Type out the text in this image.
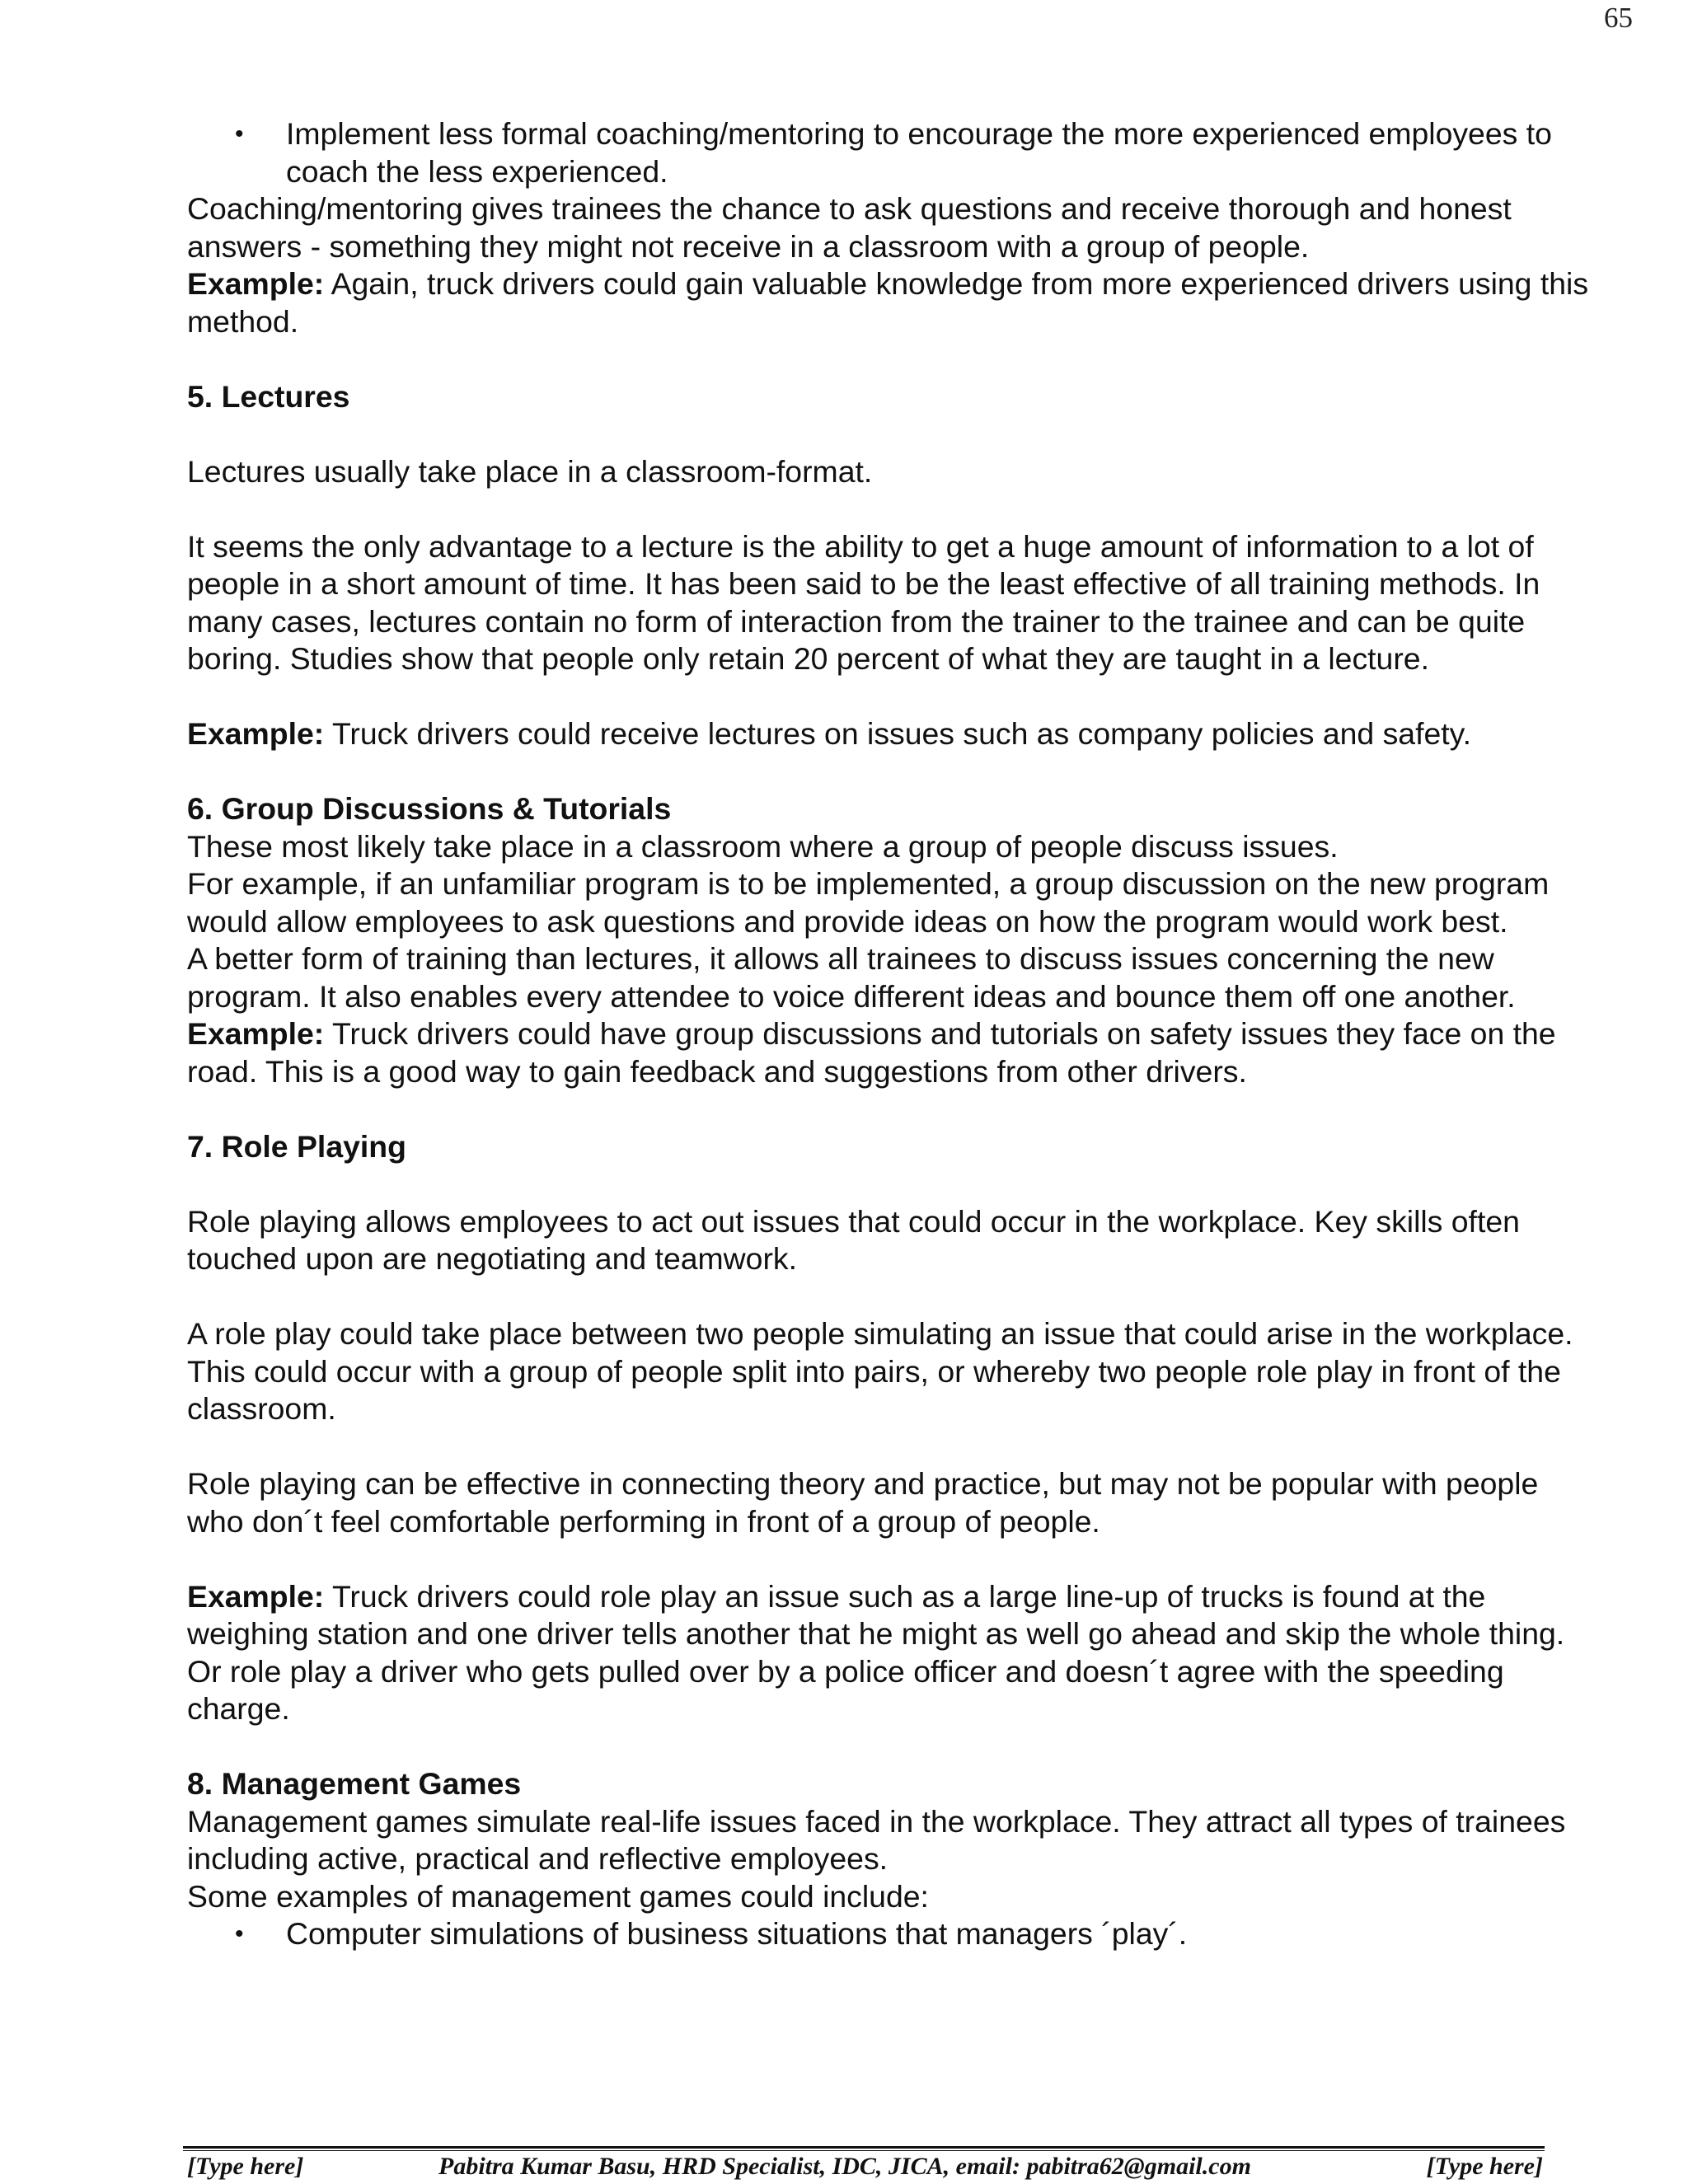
65
• Implement less formal coaching/mentoring to encourage the more experienced employees to coach the less experienced.

Coaching/mentoring gives trainees the chance to ask questions and receive thorough and honest answers - something they might not receive in a classroom with a group of people.

Example: Again, truck drivers could gain valuable knowledge from more experienced drivers using this method.

5. Lectures

Lectures usually take place in a classroom-format.

It seems the only advantage to a lecture is the ability to get a huge amount of information to a lot of people in a short amount of time. It has been said to be the least effective of all training methods. In many cases, lectures contain no form of interaction from the trainer to the trainee and can be quite boring. Studies show that people only retain 20 percent of what they are taught in a lecture.

Example: Truck drivers could receive lectures on issues such as company policies and safety.

6. Group Discussions & Tutorials

These most likely take place in a classroom where a group of people discuss issues.

For example, if an unfamiliar program is to be implemented, a group discussion on the new program would allow employees to ask questions and provide ideas on how the program would work best.

A better form of training than lectures, it allows all trainees to discuss issues concerning the new program. It also enables every attendee to voice different ideas and bounce them off one another.

Example: Truck drivers could have group discussions and tutorials on safety issues they face on the road. This is a good way to gain feedback and suggestions from other drivers.

7. Role Playing

Role playing allows employees to act out issues that could occur in the workplace. Key skills often touched upon are negotiating and teamwork.

A role play could take place between two people simulating an issue that could arise in the workplace. This could occur with a group of people split into pairs, or whereby two people role play in front of the classroom.

Role playing can be effective in connecting theory and practice, but may not be popular with people who don´t feel comfortable performing in front of a group of people.

Example: Truck drivers could role play an issue such as a large line-up of trucks is found at the weighing station and one driver tells another that he might as well go ahead and skip the whole thing. Or role play a driver who gets pulled over by a police officer and doesn´t agree with the speeding charge.

8. Management Games

Management games simulate real-life issues faced in the workplace. They attract all types of trainees including active, practical and reflective employees.

Some examples of management games could include:

• Computer simulations of business situations that managers ´play´.
[Type here]	Pabitra Kumar Basu, HRD Specialist, IDC, JICA, email: pabitra62@gmail.com	[Type here]
